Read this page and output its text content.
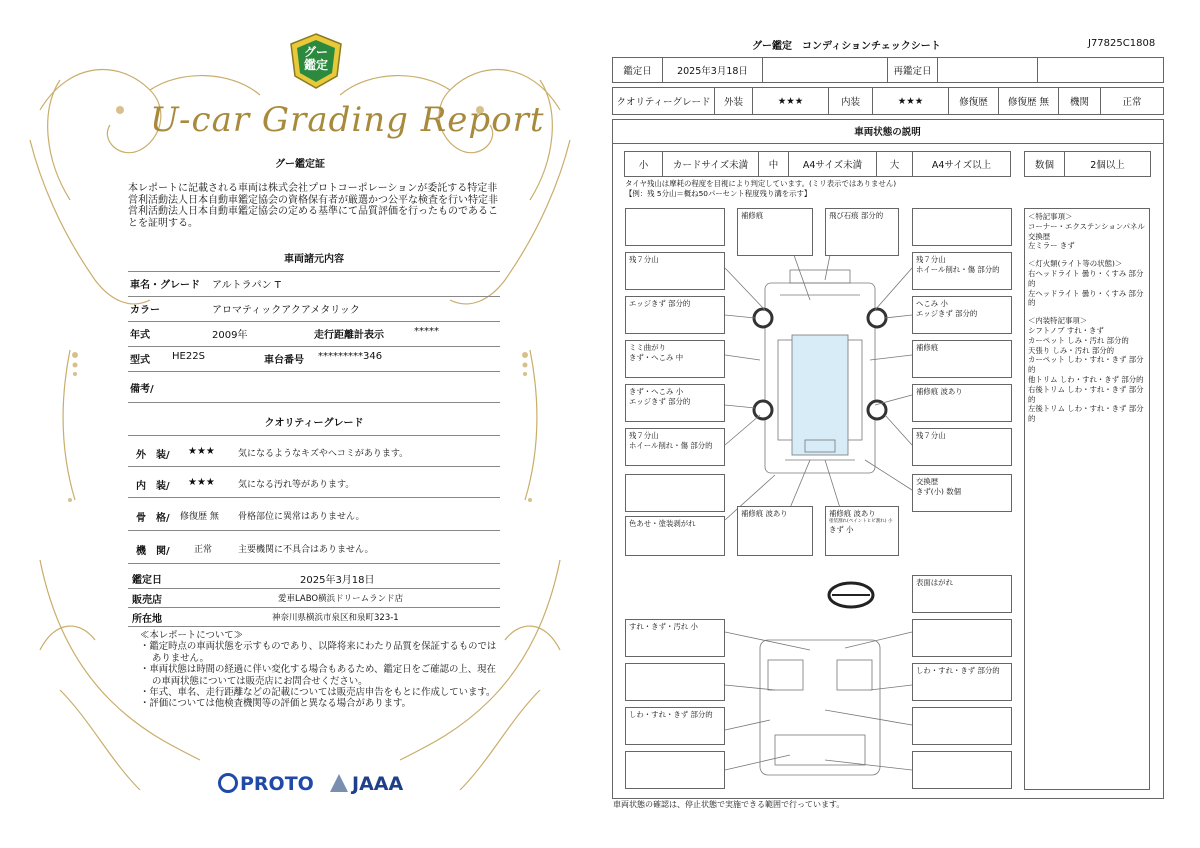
グー
鑑定
U-car Grading Report
グー鑑定証
本レポートに記載される車両は株式会社プロトコーポレーションが委託する特定非営利活動法人日本自動車鑑定協会の資格保有者が厳選かつ公平な検査を行い特定非営利活動法人日本自動車鑑定協会の定める基準にて品質評価を行ったものであることを証明する。
車両諸元内容
車名・グレード アルトラパン T
カラー	アロマティックアクアメタリック
年式	2009年	走行距離計表示	*****
型式 HE22S	車台番号 *********346
備考/
クオリティーグレード
外　装/ ★★★	気になるようなキズやヘコミがあります。
内　装/ ★★★	気になる汚れ等があります。
骨　格/ 修復歴 無 骨格部位に異常はありません。
機　関/	正常	主要機関に不具合はありません。
鑑定日	2025年3月18日
販売店	愛車LABO横浜ドリームランド店
所在地	神奈川県横浜市泉区和泉町323-1
≪本レポートについて≫
・鑑定時点の車両状態を示すものであり、以降将来にわたり品質を保証するものではありません。
・車両状態は時間の経過に伴い変化する場合もあるため、鑑定日をご確認の上、現在の車両状態については販売店にお問合せください。
・年式、車名、走行距離などの記載については販売店申告をもとに作成しています。
・評価については他検査機関等の評価と異なる場合があります。
PROTO	JAAA
グー鑑定　コンディションチェックシート	J77825C1808
鑑定日	2025年3月18日	再鑑定日
クオリティーグレード	外装	★★★	内装	★★★	修復歴	修復歴 無	機関	正常
車両状態の説明
小	カードサイズ未満	中	A4サイズ未満	大	A4サイズ以上	数個	2個以上
タイヤ残山は摩耗の程度を目視により判定しています。(ミリ表示ではありません)
【例：残 5分山＝概ね50パーセント程度残り溝を示す】
残７分山
エッジきず 部分的
ミミ曲がり
きず・へこみ 中
きず・へこみ 小
エッジきず 部分的
残７分山
ホイール削れ・傷 部分的
色あせ・塗装剥がれ
補修痕	飛び石痕 部分的
残７分山
ホイール削れ・傷 部分的
へこみ 小
エッジきず 部分的
補修痕
補修痕 波あり
残７分山
交換歴
きず(小) 数個
補修痕 波あり	補修痕 波あり
塗装割れ(ペイントヒビ割れ) 小
きず 小
表面はがれ
すれ・きず・汚れ 小
しわ・すれ・きず 部分的
しわ・すれ・きず 部分的
＜特記事項＞
コーナー・エクステンションパネル
交換歴
左ミラー きず
＜灯火類(ライト等の状態)＞
右ヘッドライト 曇り・くすみ 部分的
左ヘッドライト 曇り・くすみ 部分的
＜内装特記事項＞
シフトノブ すれ・きず
カーペット しみ・汚れ 部分的
天張り しみ・汚れ 部分的
カーペット しわ・すれ・きず 部分的
他トリム しわ・すれ・きず 部分的
右後トリム しわ・すれ・きず 部分的
左後トリム しわ・すれ・きず 部分的
車両状態の確認は、停止状態で実施できる範囲で行っています。
